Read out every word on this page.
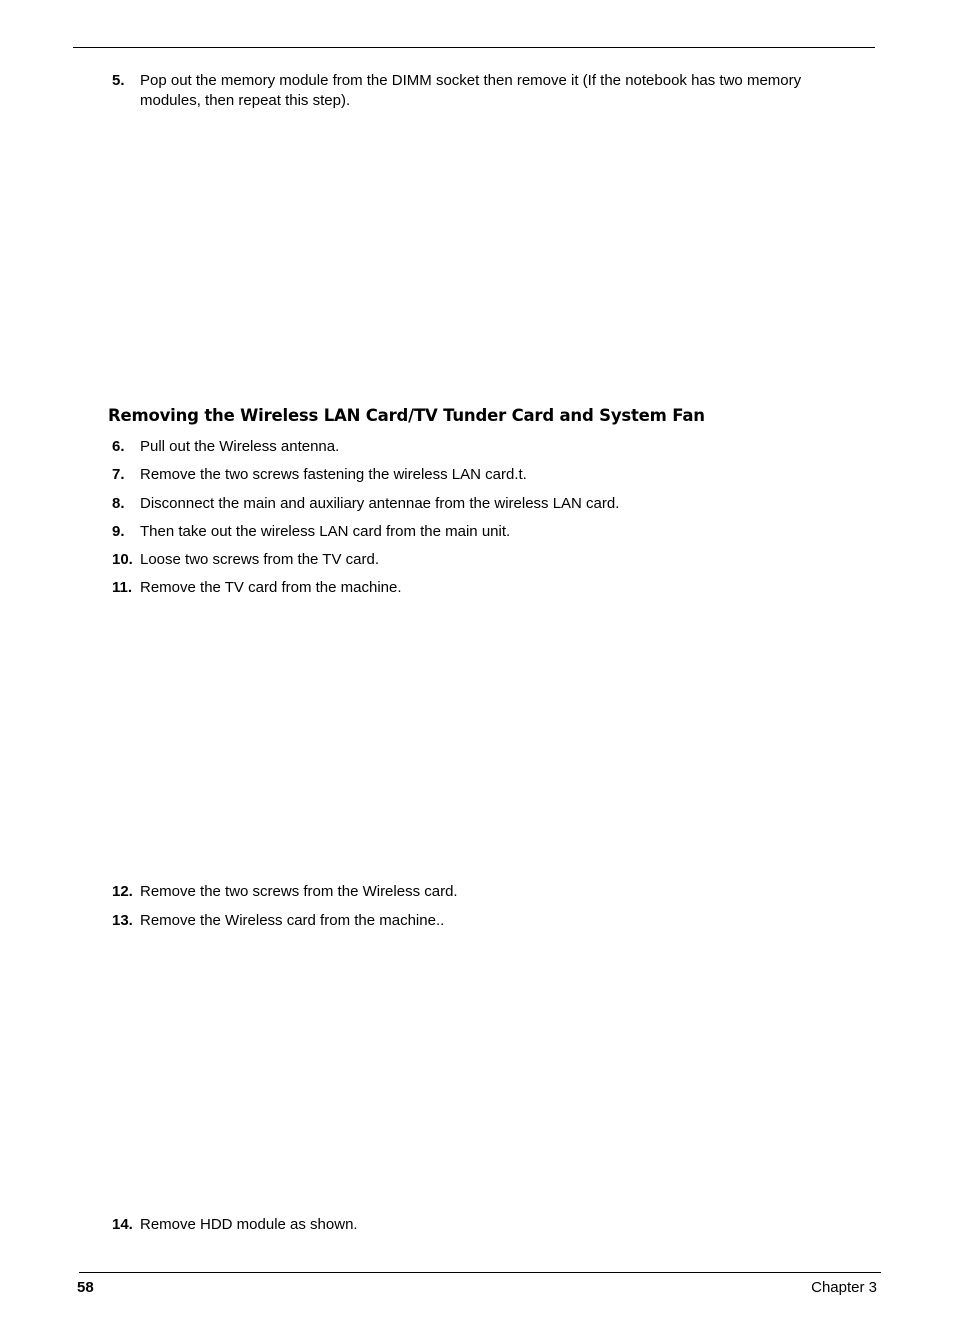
5. Pop out the memory module from the DIMM socket then remove it (If the notebook has two memory modules, then repeat this step).
Removing the Wireless LAN Card/TV Tunder Card and System Fan
6. Pull out the Wireless antenna.
7. Remove the two screws fastening the wireless LAN card.t.
8. Disconnect the main and auxiliary antennae from the wireless LAN card.
9. Then take out the wireless LAN card from the main unit.
10. Loose two screws from the TV card.
11. Remove the TV card from the machine.
12. Remove the two screws from the Wireless card.
13. Remove the Wireless card from the machine..
14. Remove HDD module as shown.
58	Chapter 3
